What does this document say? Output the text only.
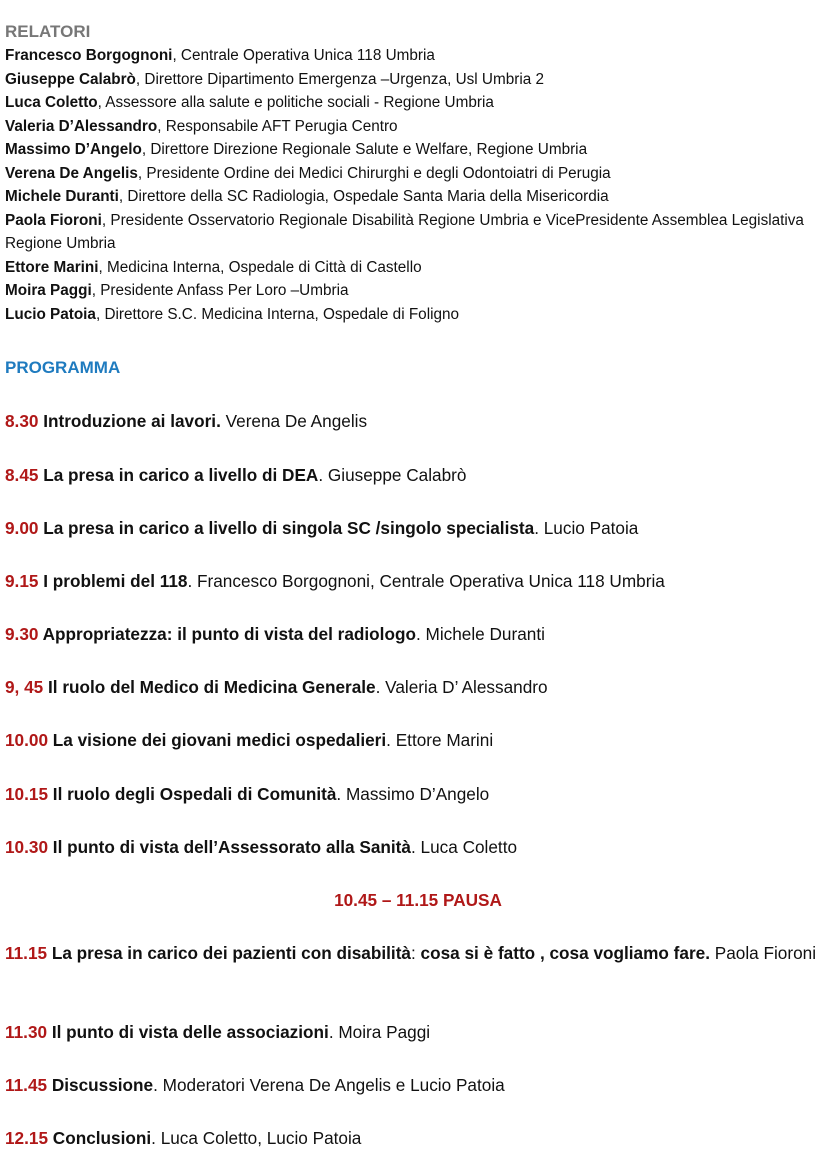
RELATORI
Francesco Borgognoni, Centrale Operativa Unica 118 Umbria
Giuseppe Calabrò, Direttore Dipartimento Emergenza –Urgenza, Usl Umbria 2
Luca Coletto, Assessore alla salute e politiche sociali - Regione Umbria
Valeria D’Alessandro, Responsabile AFT Perugia Centro
Massimo D’Angelo, Direttore Direzione Regionale Salute e Welfare, Regione Umbria
Verena De Angelis, Presidente Ordine dei Medici Chirurghi e degli Odontoiatri di Perugia
Michele Duranti, Direttore della SC Radiologia, Ospedale Santa Maria della Misericordia
Paola Fioroni, Presidente Osservatorio Regionale Disabilità Regione Umbria e VicePresidente Assemblea Legislativa Regione Umbria
Ettore Marini, Medicina Interna, Ospedale di Città di Castello
Moira Paggi, Presidente Anfass Per Loro –Umbria
Lucio Patoia, Direttore S.C. Medicina Interna, Ospedale di Foligno
PROGRAMMA
8.30 Introduzione ai lavori. Verena De Angelis
8.45 La presa in carico a livello di DEA. Giuseppe Calabrò
9.00 La presa in carico a livello di singola SC /singolo specialista. Lucio Patoia
9.15 I problemi del 118. Francesco Borgognoni, Centrale Operativa Unica 118 Umbria
9.30 Appropriatezza: il punto di vista del radiologo. Michele Duranti
9, 45 Il ruolo del Medico di Medicina Generale. Valeria D’ Alessandro
10.00 La visione dei giovani medici ospedalieri. Ettore Marini
10.15 Il ruolo degli Ospedali di Comunità. Massimo D’Angelo
10.30 Il punto di vista dell’Assessorato alla Sanità. Luca Coletto
10.45 – 11.15 PAUSA
11.15 La presa in carico dei pazienti con disabilità: cosa si è fatto , cosa vogliamo fare. Paola Fioroni
11.30 Il punto di vista delle associazioni. Moira Paggi
11.45 Discussione. Moderatori Verena De Angelis e Lucio Patoia
12.15 Conclusioni. Luca Coletto, Lucio Patoia
